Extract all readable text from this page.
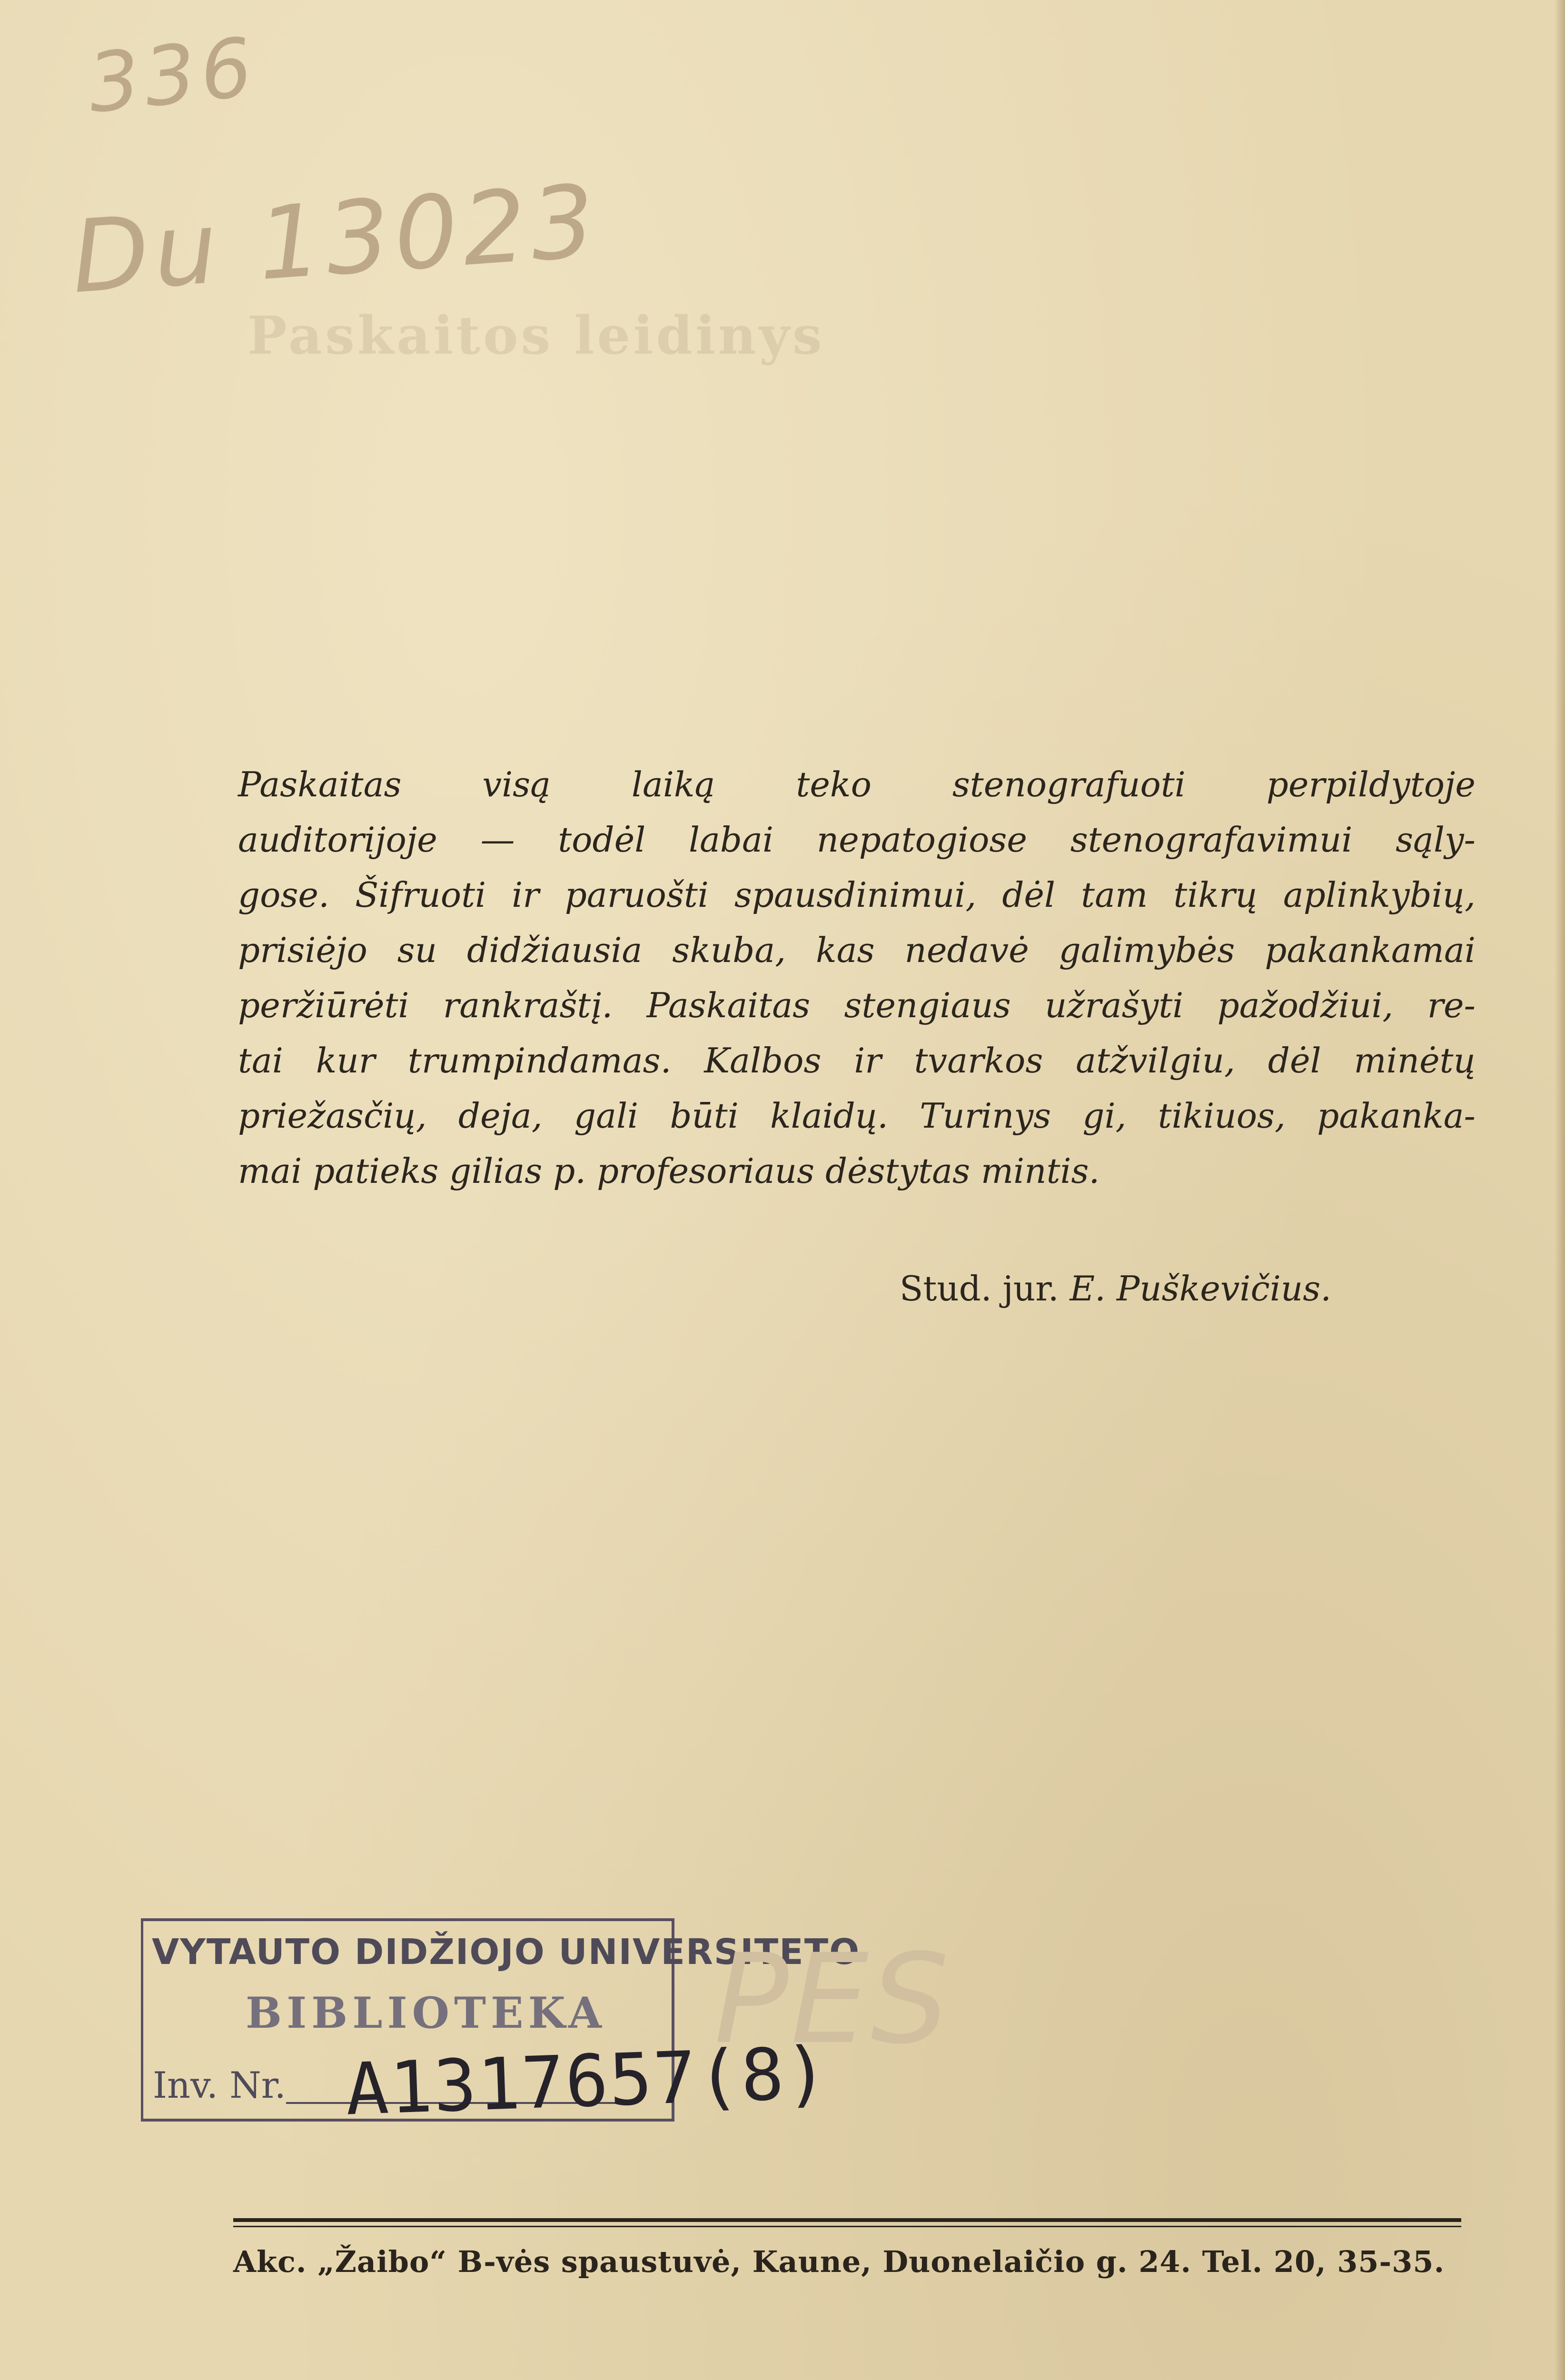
336
Du 13023
Paskaitos leidinys
Paskaitas visą laiką teko stenografuoti perpildytoje
auditorijoje — todėl labai nepatogiose stenografavimui sąly-
gose. Šifruoti ir paruošti spausdinimui, dėl tam tikrų aplinkybių,
prisiėjo su didžiausia skuba, kas nedavė galimybės pakankamai
peržiūrėti rankraštį. Paskaitas stengiaus užrašyti pažodžiui, re-
tai kur trumpindamas. Kalbos ir tvarkos atžvilgiu, dėl minėtų
priežasčių, deja, gali būti klaidų. Turinys gi, tikiuos, pakanka-
mai patieks gilias p. profesoriaus dėstytas mintis.
Stud. jur. E. Puškevičius.
VYTAUTO DIDŽIOJO UNIVERSITETO
BIBLIOTEKA
Inv. Nr. A1317657(8)
PES
Akc. „Žaibo“ B-vės spaustuvė, Kaune, Duonelaičio g. 24. Tel. 20, 35-35.
